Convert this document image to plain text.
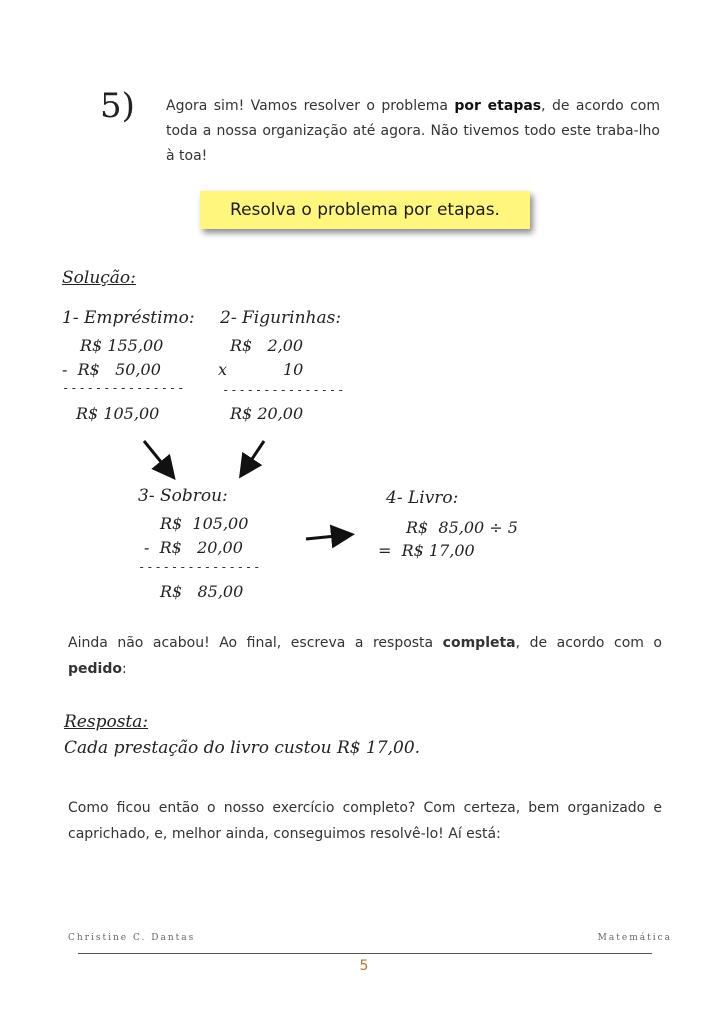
5) Agora sim! Vamos resolver o problema por etapas, de acordo com toda a nossa organização até agora. Não tivemos todo este traba-lho à toa!
Resolva o problema por etapas.
Solução:
1- Empréstimo:
R$ 155,00
-  R$   50,00
---------------
R$ 105,00
2- Figurinhas:
R$   2,00
x           10
---------------
R$ 20,00
3- Sobrou:
R$  105,00
-  R$   20,00
---------------
R$   85,00
4- Livro:
R$  85,00 ÷ 5
=  R$ 17,00
Ainda não acabou! Ao final, escreva a resposta completa, de acordo com o pedido:
Resposta:
Cada prestação do livro custou R$ 17,00.
Como ficou então o nosso exercício completo? Com certeza, bem organizado e caprichado, e, melhor ainda, conseguimos resolvê-lo! Aí está:
Christine C. Dantas	Matemática
5
